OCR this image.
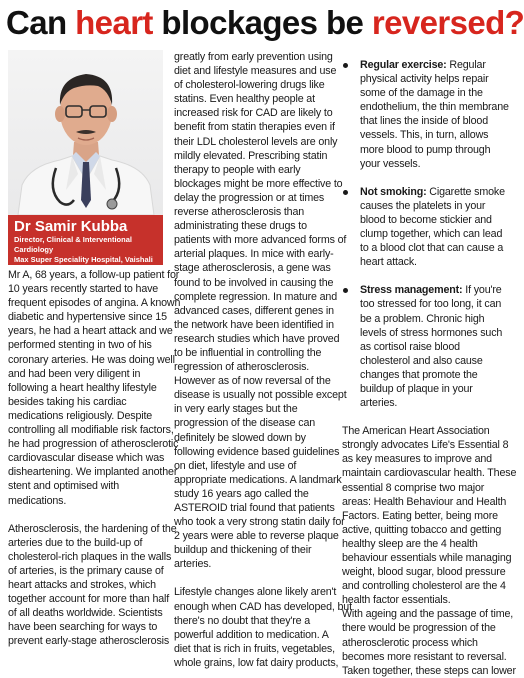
Can heart blockages be reversed?
Dr Samir Kubba
Director, Clinical & Interventional Cardiology
Max Super Speciality Hospital, Vaishali

Mr A, 68 years, a follow-up patient for
10 years recently started to have
frequent episodes of angina. A known
diabetic and hypertensive since 15
years, he had a heart attack and we
performed stenting in two of his
coronary arteries. He was doing well
and had been very diligent in
following a heart healthy lifestyle
besides taking his cardiac
medications religiously. Despite
controlling all modifiable risk factors,
he had progression of atherosclerotic
cardiovascular disease which was
disheartening. We implanted another
stent and optimised with
medications.

Atherosclerosis, the hardening of the
arteries due to the build-up of
cholesterol-rich plaques in the walls
of arteries, is the primary cause of
heart attacks and strokes, which
together account for more than half
of all deaths worldwide. Scientists
have been searching for ways to
prevent early-stage atherosclerosis

greatly from early prevention using
diet and lifestyle measures and use
of cholesterol-lowering drugs like
statins. Even healthy people at
increased risk for CAD are likely to
benefit from statin therapies even if
their LDL cholesterol levels are only
mildly elevated. Prescribing statin
therapy to people with early
blockages might be more effective to
delay the progression or at times
reverse atherosclerosis than
administrating these drugs to
patients with more advanced forms of
arterial plaques. In mice with early-
stage atherosclerosis, a gene was
found to be involved in causing the
complete regression. In mature and
advanced cases, different genes in
the network have been identified in
research studies which have proved
to be influential in controlling the
regression of atherosclerosis.
However as of now reversal of the
disease is usually not possible except
in very early stages but the
progression of the disease can
definitely be slowed down by
following evidence based guidelines
on diet, lifestyle and use of
appropriate medications. A landmark
study 16 years ago called the
ASTEROID trial found that patients
who took a very strong statin daily for
2 years were able to reverse plaque
buildup and thickening of their
arteries.

Lifestyle changes alone likely aren't
enough when CAD has developed, but
there's no doubt that they're a
powerful addition to medication. A
diet that is rich in fruits, vegetables,
whole grains, low fat dairy products,

Regular exercise: Regular
physical activity helps repair
some of the damage in the
endothelium, the thin membrane
that lines the inside of blood
vessels. This, in turn, allows
more blood to pump through
your vessels.

Not smoking: Cigarette smoke
causes the platelets in your
blood to become stickier and
clump together, which can lead
to a blood clot that can cause a
heart attack.

Stress management: If you're
too stressed for too long, it can
be a problem. Chronic high
levels of stress hormones such
as cortisol raise blood
cholesterol and also cause
changes that promote the
buildup of plaque in your
arteries.

The American Heart Association
strongly advocates Life's Essential 8
as key measures to improve and
maintain cardiovascular health. These
essential 8 comprise two major
areas: Health Behaviour and Health
Factors. Eating better, being more
active, quitting tobacco and getting
healthy sleep are the 4 health
behaviour essentials while managing
weight, blood sugar, blood pressure
and controlling cholesterol are the 4
health factor essentials.

With ageing and the passage of time,
there would be progression of the
atherosclerotic process which
becomes more resistant to reversal.
Taken together, these steps can lower
